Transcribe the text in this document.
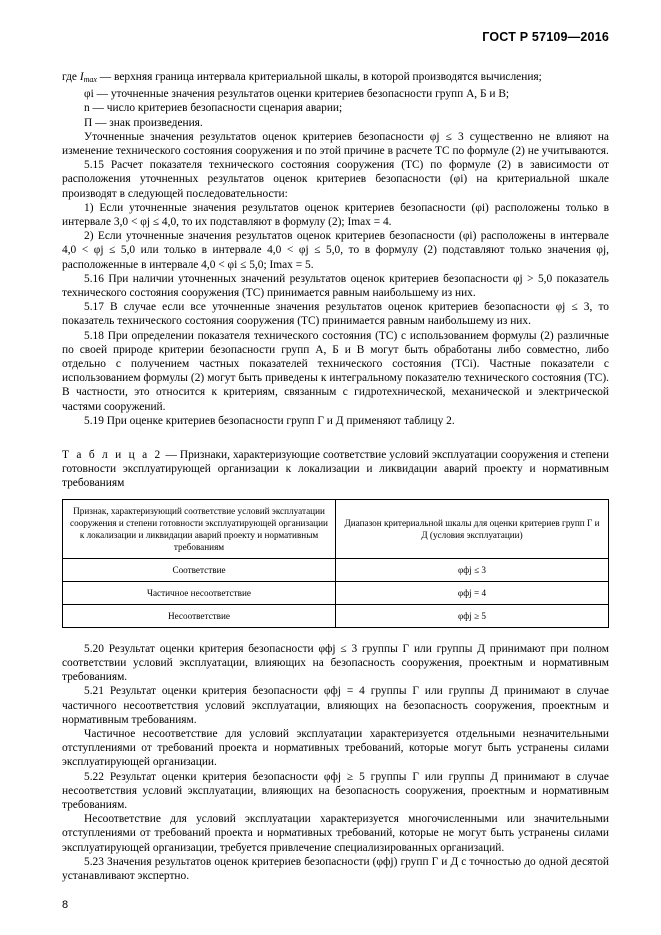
ГОСТ Р 57109—2016

где $I_{max}$ — верхняя граница интервала критериальной шкалы, в которой производятся вычисления;

φi — уточненные значения результатов оценки критериев безопасности групп А, Б и В;

n — число критериев безопасности сценария аварии;

П — знак произведения.

Уточненные значения результатов оценок критериев безопасности φj ≤ 3 существенно не влияют на изменение технического состояния сооружения и по этой причине в расчете ТС по формуле (2) не учитываются.

5.15 Расчет показателя технического состояния сооружения (ТС) по формуле (2) в зависимости от расположения уточненных результатов оценок критериев безопасности (φi) на критериальной шкале производят в следующей последовательности:

1) Если уточненные значения результатов оценок критериев безопасности (φi) расположены только в интервале 3,0 < φj ≤ 4,0, то их подставляют в формулу (2); Imax = 4.

2) Если уточненные значения результатов оценок критериев безопасности (φi) расположены в интервале 4,0 < φj ≤ 5,0 или только в интервале 4,0 < φj ≤ 5,0, то в формулу (2) подставляют только значения φj, расположенные в интервале 4,0 < φi ≤ 5,0; Imax = 5.

5.16 При наличии уточненных значений результатов оценок критериев безопасности φj > 5,0 показатель технического состояния сооружения (ТС) принимается равным наибольшему из них.

5.17 В случае если все уточненные значения результатов оценок критериев безопасности φj ≤ 3, то показатель технического состояния сооружения (ТС) принимается равным наибольшему из них.

5.18 При определении показателя технического состояния (ТС) с использованием формулы (2) различные по своей природе критерии безопасности групп А, Б и В могут быть обработаны либо совместно, либо отдельно с получением частных показателей технического состояния (ТСi). Частные показатели с использованием формулы (2) могут быть приведены к интегральному показателю технического состояния (ТС). В частности, это относится к критериям, связанным с гидротехнической, механической и электрической частями сооружений.

5.19 При оценке критериев безопасности групп Г и Д применяют таблицу 2.

Т а б л и ц а 2 — Признаки, характеризующие соответствие условий эксплуатации сооружения и степени готовности эксплуатирующей организации к локализации и ликвидации аварий проекту и нормативным требованиям
Признак, характеризующий соответствие условий эксплуатации сооружения и степени готовности эксплуатирующей организации к локализации и ликвидации аварий проекту и нормативным требованиям	Диапазон критериальной шкалы для оценки критериев групп Г и Д (условия эксплуатации)
Соответствие	φфj ≤ 3
Частичное несоответствие	φфj = 4
Несоответствие	φфj ≥ 5

5.20 Результат оценки критерия безопасности φфj ≤ 3 группы Г или группы Д принимают при полном соответствии условий эксплуатации, влияющих на безопасность сооружения, проектным и нормативным требованиям.

5.21 Результат оценки критерия безопасности φфj = 4 группы Г или группы Д принимают в случае частичного несоответствия условий эксплуатации, влияющих на безопасность сооружения, проектным и нормативным требованиям.

Частичное несоответствие для условий эксплуатации характеризуется отдельными незначительными отступлениями от требований проекта и нормативных требований, которые могут быть устранены силами эксплуатирующей организации.

5.22 Результат оценки критерия безопасности φфj ≥ 5 группы Г или группы Д принимают в случае несоответствия условий эксплуатации, влияющих на безопасность сооружения, проектным и нормативным требованиям.

Несоответствие для условий эксплуатации характеризуется многочисленными или значительными отступлениями от требований проекта и нормативных требований, которые не могут быть устранены силами эксплуатирующей организации, требуется привлечение специализированных организаций.

5.23 Значения результатов оценок критериев безопасности (φфj) групп Г и Д с точностью до одной десятой устанавливают экспертно.

8
